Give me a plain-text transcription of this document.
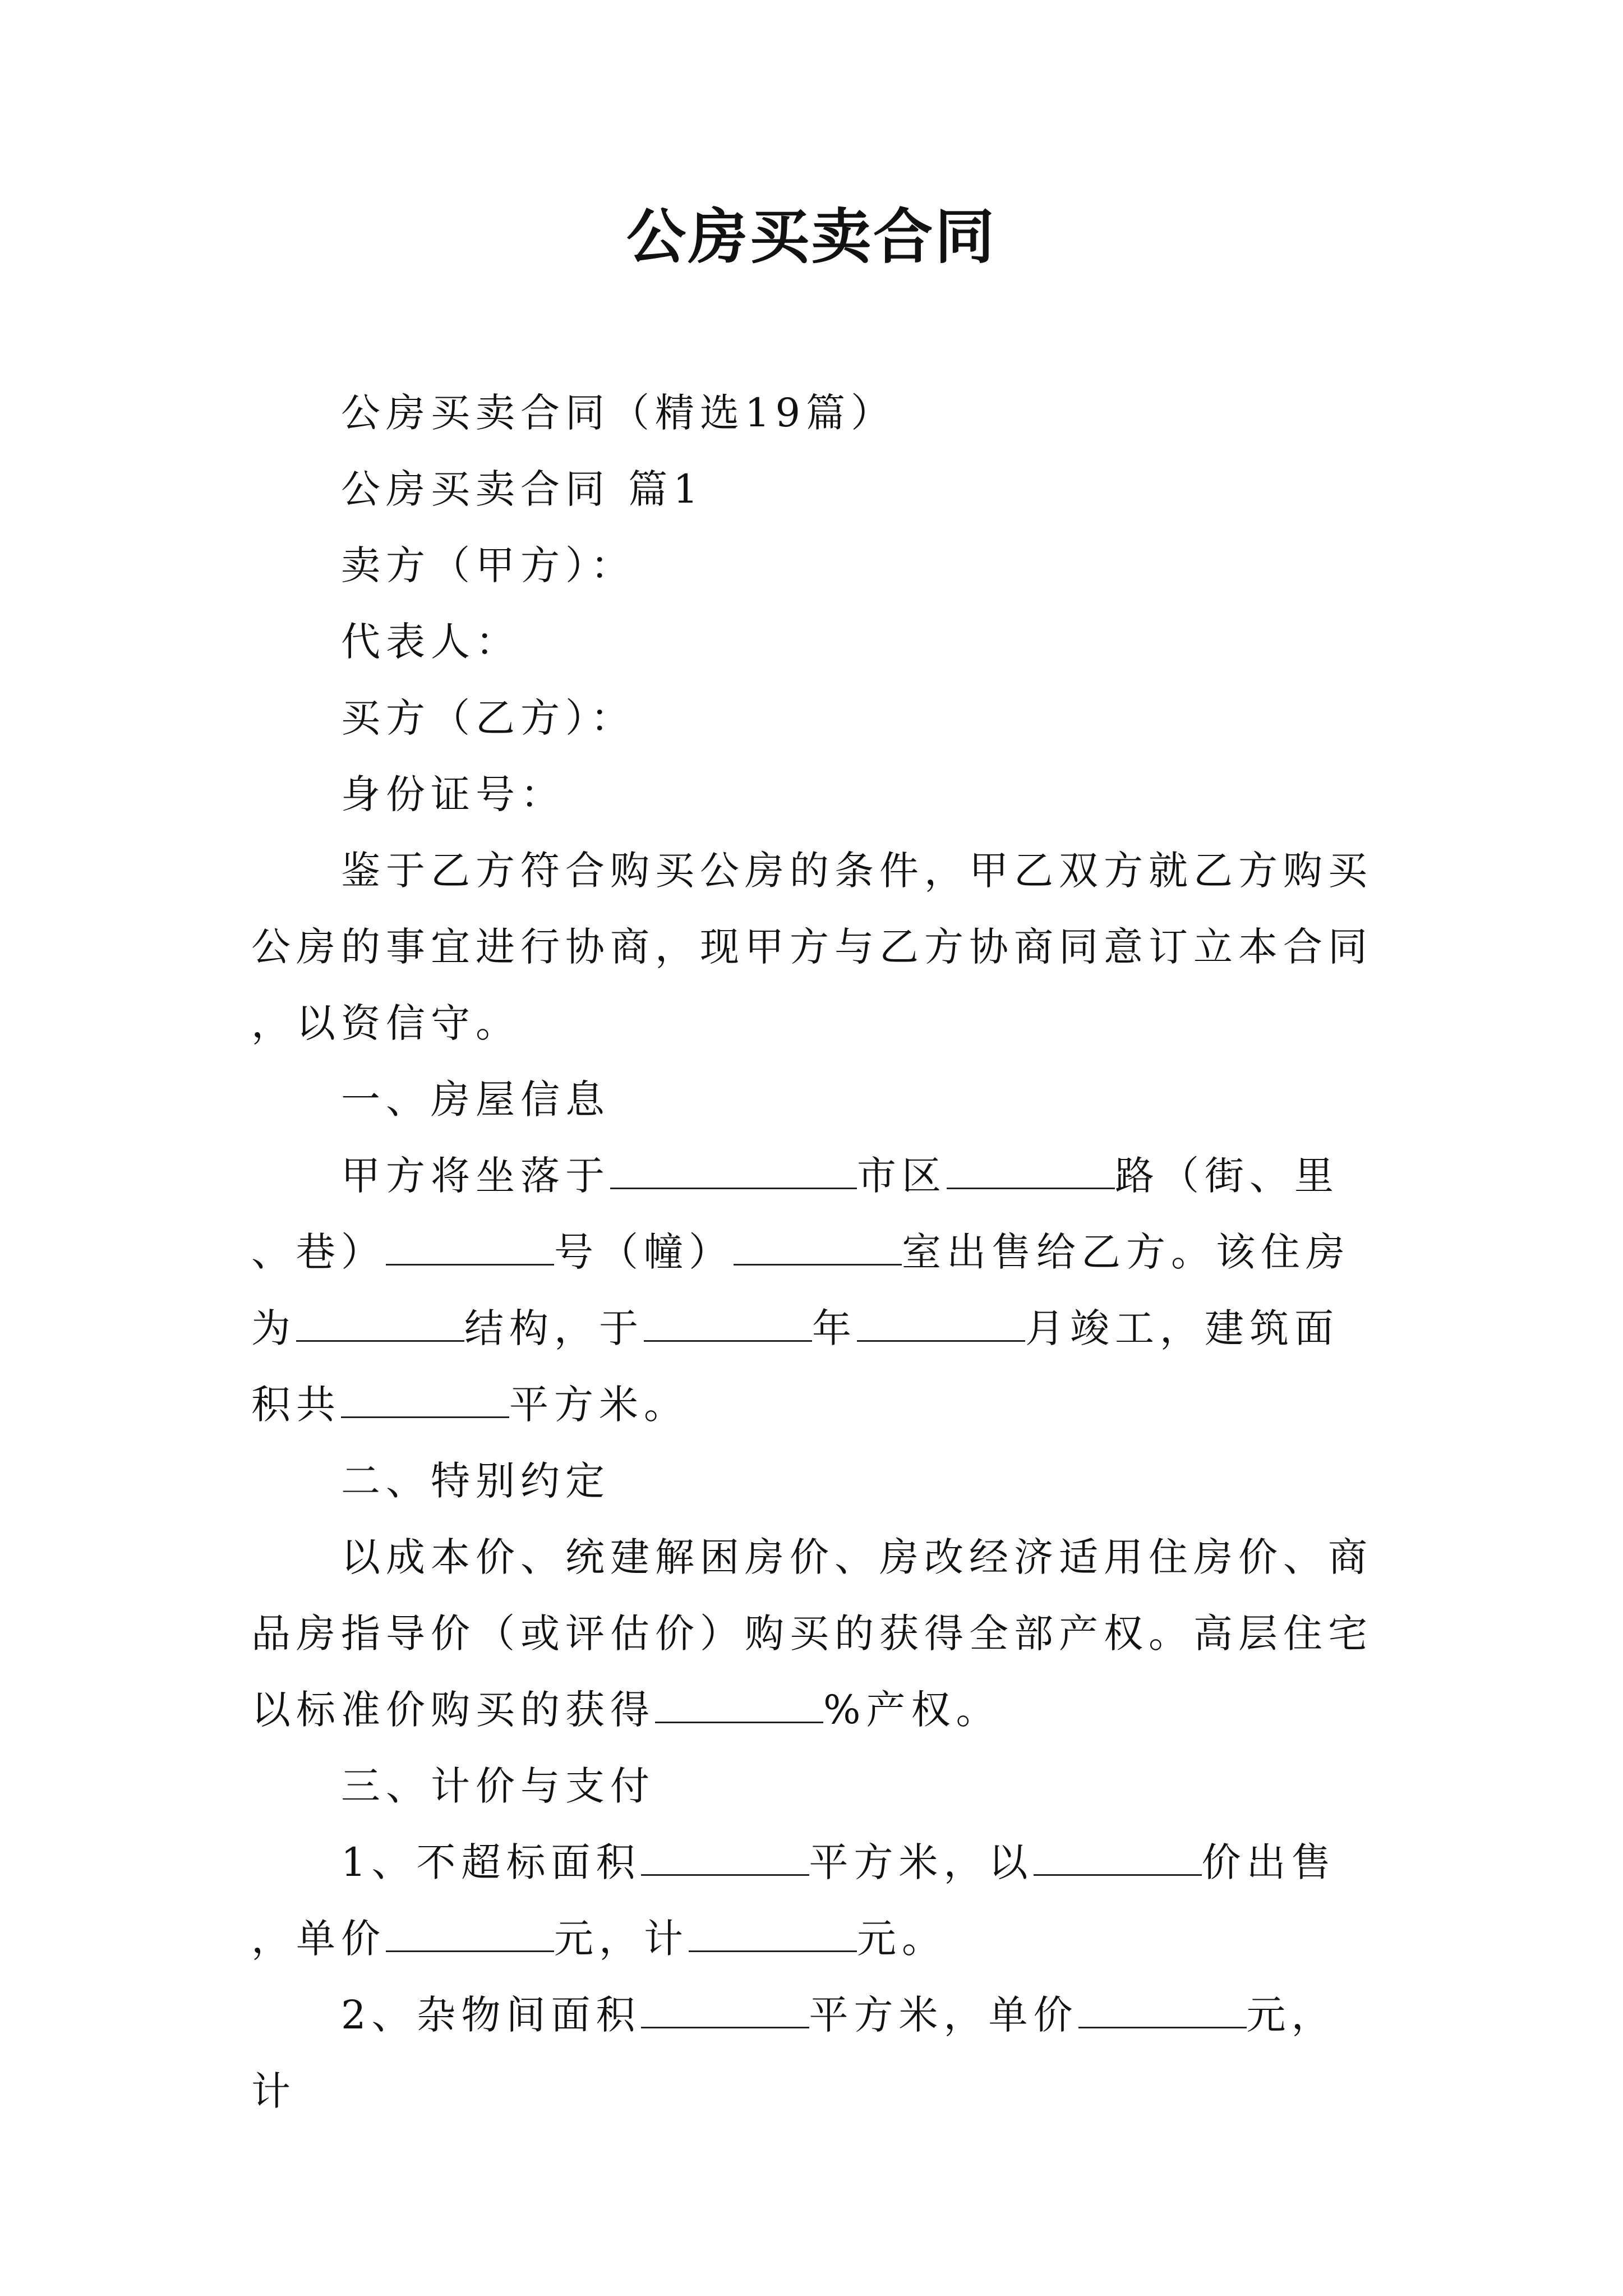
公房买卖合同

公房买卖合同（精选19篇）

公房买卖合同 篇1

卖方（甲方）：

代表人：

买方（乙方）：

身份证号：

鉴于乙方符合购买公房的条件，甲乙双方就乙方购买公房的事宜进行协商，现甲方与乙方协商同意订立本合同，以资信守。

一、房屋信息

甲方将坐落于	市区	路（街、里、巷）	号（幢）	室出售给乙方。该住房为	结构，于	年	月竣工，建筑面积共	平方米。

二、特别约定

以成本价、统建解困房价、房改经济适用住房价、商品房指导价（或评估价）购买的获得全部产权。高层住宅以标准价购买的获得	%产权。

三、计价与支付

1、不超标面积	平方米，以	价出售，单价	元，计	元。

2、杂物间面积	平方米，单价	元，计
